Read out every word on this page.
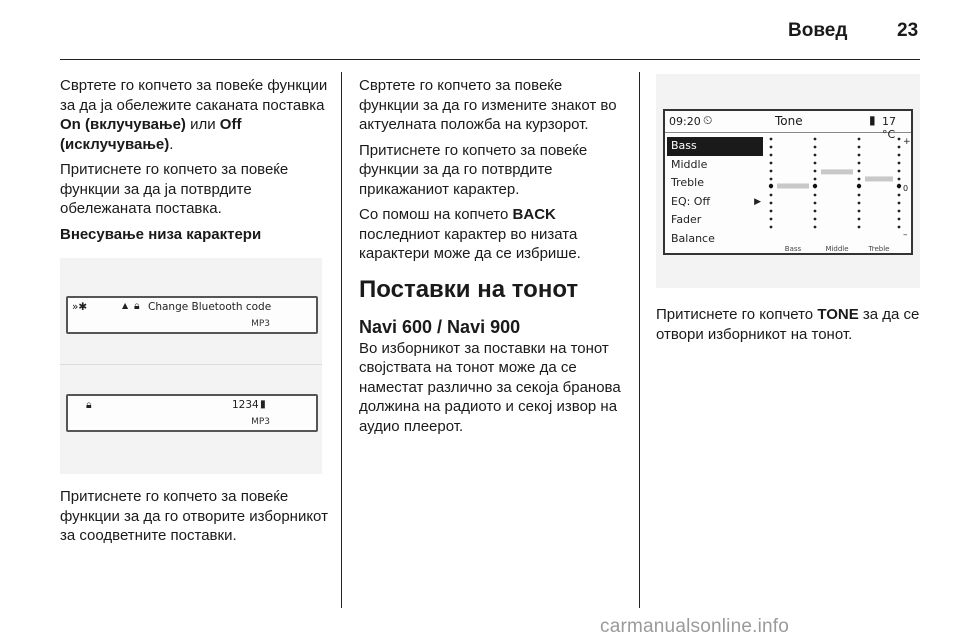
Вовед	23

Свртете го копчето за повеќе функции за да ја обележите саканата поставка On (вклучување) или Off (исклучување).

Притиснете го копчето за повеќе функции за да ја потврдите обележаната поставка.

Внесување низа карактери

»✱	▲ 🔒︎ Change Bluetooth code
MP3
🔒︎	1234 ▮
MP3

Притиснете го копчето за повеќе функции за да го отворите изборникот за соодветните поставки.

Свртете го копчето за повеќе функции за да го измените знакот во актуелната положба на курзорот.

Притиснете го копчето за повеќе функции за да го потврдите прикажаниот карактер.

Со помош на копчето BACK последниот карактер во низата карактери може да се избрише.

Поставки на тонот
Navi 600 / Navi 900

Во изборникот за поставки на тонот својствата на тонот може да се наместат различно за секоја бранова должина на радиото и секој извор на аудио плеерот.

09:20 ⏲	Tone	▮ 17 °C
Bass
Middle
Treble
EQ: Off	▶
Fader
Balance
+
0
–
Bass	Middle	Treble

Притиснете го копчето TONE за да се отвори изборникот на тонот.

carmanualsonline.info
